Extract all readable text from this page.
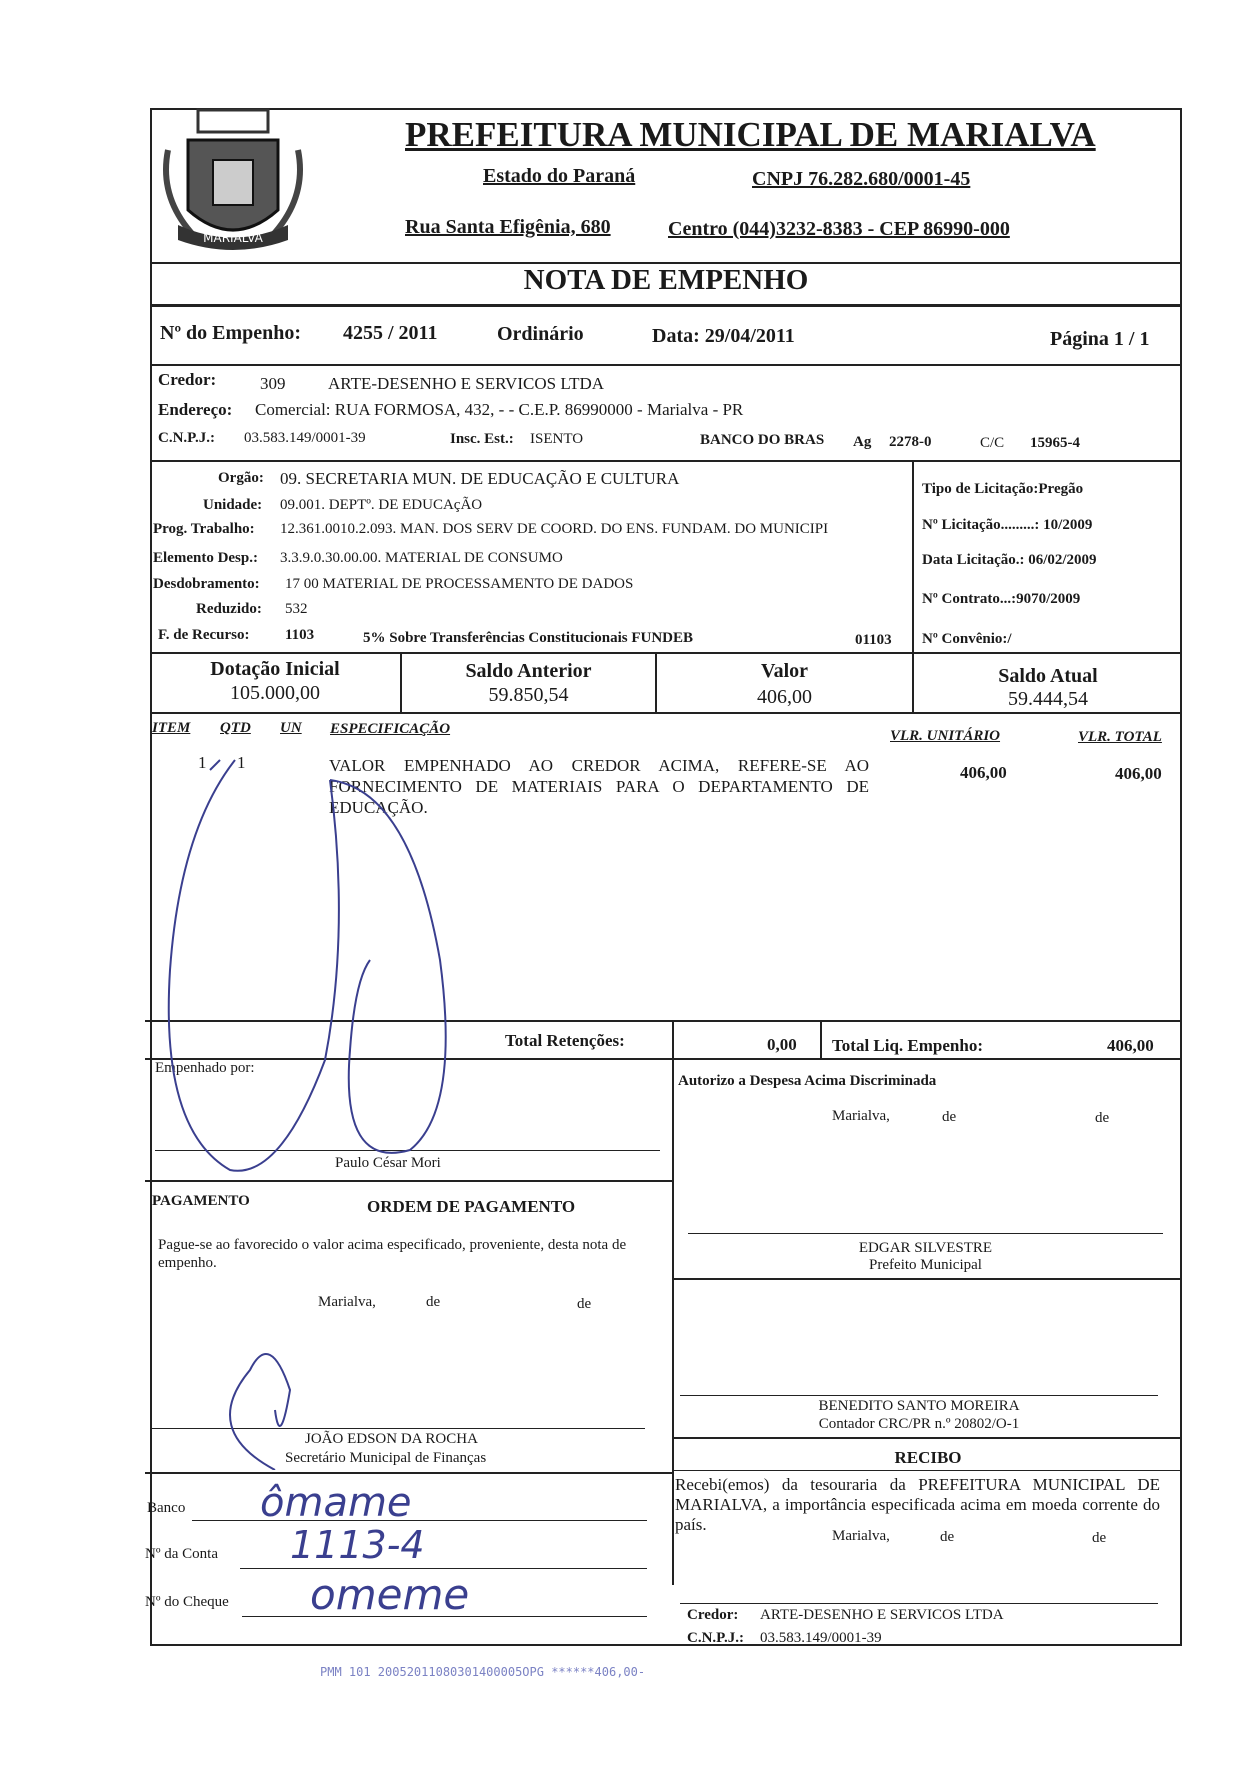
MARIALVA
PREFEITURA MUNICIPAL DE MARIALVA
Estado do Paraná	CNPJ 76.282.680/0001-45
Rua Santa Efigênia, 680	Centro (044)3232-8383 - CEP 86990-000
NOTA DE EMPENHO
Nº do Empenho: 4255 / 2011	Ordinário	Data: 29/04/2011	Página 1 / 1
Credor:	309	ARTE-DESENHO E SERVICOS LTDA
Endereço: Comercial: RUA FORMOSA, 432, - - C.E.P. 86990000 - Marialva - PR
C.N.P.J.: 03.583.149/0001-39	Insc. Est.: ISENTO	BANCO DO BRAS Ag 2278-0	C/C 15965-4
Orgão: 09. SECRETARIA MUN. DE EDUCAÇÃO E CULTURA
Unidade: 09.001. DEPTº. DE EDUCAçÃO
Prog. Trabalho: 12.361.0010.2.093. MAN. DOS SERV DE COORD. DO ENS. FUNDAM. DO MUNICIPI
Elemento Desp.: 3.3.9.0.30.00.00. MATERIAL DE CONSUMO
Desdobramento: 17 00 MATERIAL DE PROCESSAMENTO DE DADOS
Reduzido: 532
F. de Recurso: 1103	5% Sobre Transferências Constitucionais FUNDEB	01103
Tipo de Licitação:Pregão
Nº Licitação.........: 10/2009
Data Licitação.: 06/02/2009
Nº Contrato...:9070/2009
Nº Convênio:/
Dotação Inicial
105.000,00
Saldo Anterior
59.850,54
Valor
406,00
Saldo Atual
59.444,54
ITEM QTD UN ESPECIFICAÇÃO	VLR. UNITÁRIO	VLR. TOTAL
1 1	VALOR EMPENHADO AO CREDOR ACIMA, REFERE-SE AO
FORNECIMENTO DE MATERIAIS PARA O DEPARTAMENTO DE
EDUCAÇÃO.
406,00	406,00
Total Retenções:	0,00 Total Liq. Empenho:	406,00
Empenhado por:
Paulo César Mori
Autorizo a Despesa Acima Discriminada
Marialva,	de	de
PAGAMENTO	ORDEM DE PAGAMENTO
Pague-se ao favorecido o valor acima especificado, proveniente, desta nota de empenho.
Marialva,	de	de
JOÃO EDSON DA ROCHA
Secretário Municipal de Finanças
EDGAR SILVESTRE
Prefeito Municipal
BENEDITO SANTO MOREIRA
Contador CRC/PR n.º 20802/O-1
RECIBO
Recebi(emos) da tesouraria da PREFEITURA MUNICIPAL DE MARIALVA, a importância especificada acima em moeda corrente do país.
Marialva,	de	de
Credor: ARTE-DESENHO E SERVICOS LTDA
C.N.P.J.: 03.583.149/0001-39
Banco ômame
Nº da Conta 1113-4
Nº do Cheque omeme
PMM 101 20052011080301400005OPG ******406,00-
